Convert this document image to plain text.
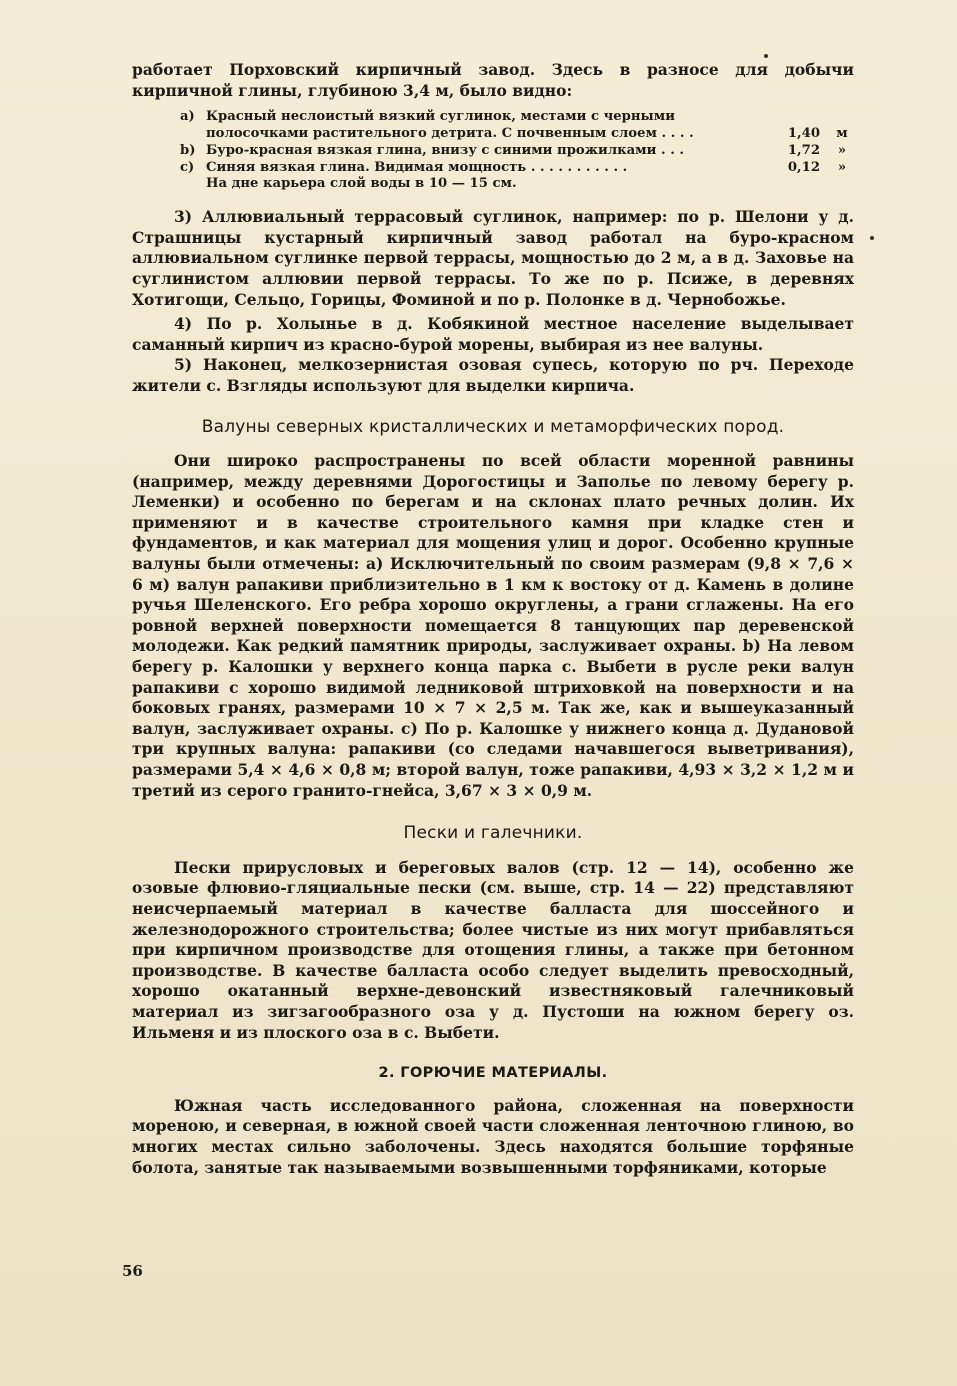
работает Порховский кирпичный завод. Здесь в разносе для добычи кирпичной глины, глубиною 3,4 м, было видно:

а) Красный неслоистый вязкий суглинок, местами с черными полосочками растительного детрита. С почвенным слоем . . . .	1,40	м
b) Буро-красная вязкая глина, внизу с синими прожилками . . .	1,72	»
с) Синяя вязкая глина. Видимая мощность . . . . . . . . . . .	0,12	»
На дне карьера слой воды в 10 — 15 см.

3) Аллювиальный террасовый суглинок, например: по р. Шелони у д. Страшницы кустарный кирпичный завод работал на буро-красном аллювиальном суглинке первой террасы, мощностью до 2 м, а в д. Заховье на суглинистом аллювии первой террасы. То же по р. Псиже, в деревнях Хотигощи, Сельцо, Горицы, Фоминой и по р. Полонке в д. Чернобожье.

4) По р. Холынье в д. Кобякиной местное население выделывает саманный кирпич из красно-бурой морены, выбирая из нее валуны.

5) Наконец, мелкозернистая озовая супесь, которую по рч. Переходе жители с. Взгляды используют для выделки кирпича.

Валуны северных кристаллических и метаморфических пород.

Они широко распространены по всей области моренной равнины (например, между деревнями Дорогостицы и Заполье по левому берегу р. Леменки) и особенно по берегам и на склонах плато речных долин. Их применяют и в качестве строительного камня при кладке стен и фундаментов, и как материал для мощения улиц и дорог. Особенно крупные валуны были отмечены: а) Исключительный по своим размерам (9,8 × 7,6 × 6 м) валун рапакиви приблизительно в 1 км к востоку от д. Камень в долине ручья Шеленского. Его ребра хорошо округлены, а грани сглажены. На его ровной верхней поверхности помещается 8 танцующих пар деревенской молодежи. Как редкий памятник природы, заслуживает охраны. b) На левом берегу р. Калошки у верхнего конца парка с. Выбети в русле реки валун рапакиви с хорошо видимой ледниковой штриховкой на поверхности и на боковых гранях, размерами 10 × 7 × 2,5 м. Так же, как и вышеуказанный валун, заслуживает охраны. с) По р. Калошке у нижнего конца д. Дудановой три крупных валуна: рапакиви (со следами начавшегося выветривания), размерами 5,4 × 4,6 × 0,8 м; второй валун, тоже рапакиви, 4,93 × 3,2 × 1,2 м и третий из серого гранито-гнейса, 3,67 × 3 × 0,9 м.

Пески и галечники.

Пески прирусловых и береговых валов (стр. 12 — 14), особенно же озовые флювио-гляциальные пески (см. выше, стр. 14 — 22) представляют неисчерпаемый материал в качестве балласта для шоссейного и железнодорожного строительства; более чистые из них могут прибавляться при кирпичном производстве для отощения глины, а также при бетонном производстве. В качестве балласта особо следует выделить превосходный, хорошо окатанный верхне-девонский известняковый галечниковый материал из зигзагообразного оза у д. Пустоши на южном берегу оз. Ильменя и из плоского оза в с. Выбети.

2. ГОРЮЧИЕ МАТЕРИАЛЫ.

Южная часть исследованного района, сложенная на поверхности мореною, и северная, в южной своей части сложенная ленточною глиною, во многих местах сильно заболочены. Здесь находятся большие торфяные болота, занятые так называемыми возвышенными торфяниками, которые

56
